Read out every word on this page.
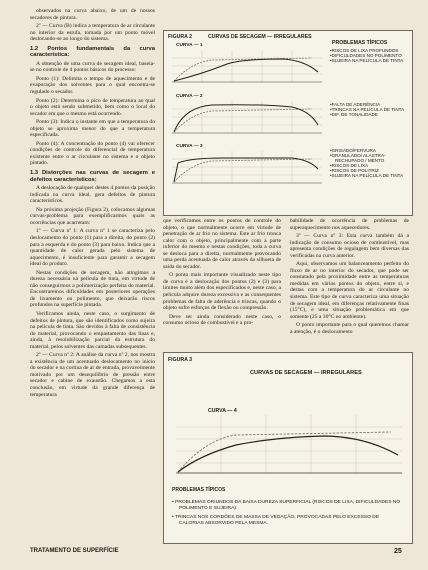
observados na curva abaixo, de um de nossos secadores de pintura.

2º — Curva (B) indica a temperatura de ar circulante no interior da estufa, tomada por um ponto móvel deslocando-se ao longo do sistema.

1.2 Pontos fundamentais da curva característica:

A obtenção de uma curva de secagem ideal, baseia-se no controle de 4 pontos básicos do processo:

Ponto (1): Delimita o tempo de aquecimento e de evaporação dos solventes para o qual encontra-se regulado o secador.

Ponto (2): Determina o pico de temperatura ao qual o objeto está sendo submetido, bem como o local do secador em que o mesmo está ocorrendo.

Ponto (3): Indica o instante em que a temperatura do objeto se aproxima menor do que a temperatura especificada.

Ponto (4): A concentração do ponto (4) vai oferecer condições de controle do diferencial de temperatura existente entre o ar circulante no sistema e o objeto pintado.

1.3 Distorções nas curvas de secagem e defeitos característicos:

A deslocação de qualquer destes 4 pontos da posição indicada na curva ideal, gera defeitos de pintura característicos.

Na próxima projeção (Figura 2), colocamos algumas curvas-problema para exemplificarmos quais as ocorrências que acarretam:

1º — Curva nº 1: A curva nº 1 se caracteriza pelo deslocamento do ponto (1) para a direita, do ponto (2) para a esquerda e do ponto (3) para baixo. Indica que a quantidade de calor gerada pelo sistema de aquecimento, é insuficiente para garantir a secagem ideal do produto.

Nestas condições de secagem, não atingimos a dureza necessária na película de tinta, em virtude de não conseguirmos a polimerização perfeita do material. Encontraremos dificuldades em posteriores operações de lixamento ou polimento, que deixarão riscos profundos na superfície pintada.

Verificamos ainda, neste caso, o surgimento de defeitos de pintura, que são identificados como sujeira na película de tinta. São devidos à falta de consistência do material, provocando o empastamento das linas e, ainda, à resolubilização parcial da estrutura do material, pelos solventes das camadas subsequentes.

2º — Curva nº 2: A análise da curva nº 2, nos mostra a existência de um acentuado deslocamento no início do secador e na cortina de ar de entrada, provavelmente motivado por um desequilíbrio de pressão entre secador e cabine de exaustão. Chegamos a esta conclusão, em virtude da grande diferença de temperatura

FIGURA 2	CURVAS DE SECAGEM — IRREGULARES
PROBLEMAS TÍPICOS
CURVA — 1
• RISCOS DE LIXA PROFUNDOS
• DIFICULDADES NO POLIMENTO
• SUJEIRA NA PELÍCULA DE TINTA
CURVA — 2
• FALTA DE ADERÊNCIA
• TRINCAS NA PELÍCULA DE TINTA
• DIF. DE TONALIDADE
CURVA — 3
• GRISADO/FERVURA
• GRANULADO/ ALASTRA-RECHUPADO / MENTO
• RISCOS DE LIXA
• RISCOS DE POLITRIZ
• SUJEIRA NA PELÍCULA DE TINTA

que verificamos entre os pontos de controle do objeto, o que normalmente ocorre em virtude de penetração de ar frio no sistema. Este ar frio tronca calor com o objeto, principalmente com a parte inferior do mesmo e nestas condições, toda a curva se desloca para a direita, normalmente provocando uma perda acentuada de calor através da silhueta de saída do secador.

O ponto mais importante visualizado neste tipo de curva é a deslocação dos pontos (2) e (3) para limites muito além dos especificados e, neste caso, a película adquire dureza excessiva e as consequentes problemas de falta de aderência e trincas, quando o objeto sofre esforços de flexão ou compressão.

Deve ser ainda considerado neste caso, o consumo ocioso de combustível e a pro-

babilidade de ocorrência de problemas de superaquecimento nos aquecedores.

3º — Curva nº 3: Esta curva também dá a indicação de consumo ocioso de combustível, mas apresenta condições de regulagem bem diversas das verificadas na curva anterior.

Aqui, observamos um balanceamento perfeito do fluxo de ar no interior do secador, que pode ser constatado pela proximidade entre as temperaturas medidas em vários pontos do objeto, entre si, e destas com a temperatura do ar circulante no sistema. Este tipo de curva caracteriza uma situação de secagem ideal, em diferenças relativamente finas (15°C), e uma situação problemática em que somente (25 a 30°C no ambiente).

O ponto importante para o qual queremos chamar a atenção, é o deslocamento

FIGURA 3
CURVAS DE SECAGEM — IRREGULARES
CURVA — 4
PROBLEMAS TÍPICOS
• PROBLEMAS ORIUNDOS DA BAIXA DUREZA SUPERFICIAL (RISCOS DE LIXA, DIFICULDADES NO POLIMENTO E SUJEIRA).
• TRINCAS NOS CORDÕES DE MASSA DE VEDAÇÃO, PROVOCADAS PELO EXCESSO DE CALORIAS ABSORVIDO PELA MESMA.
TRATAMENTO DE SUPERFÍCIE	25
